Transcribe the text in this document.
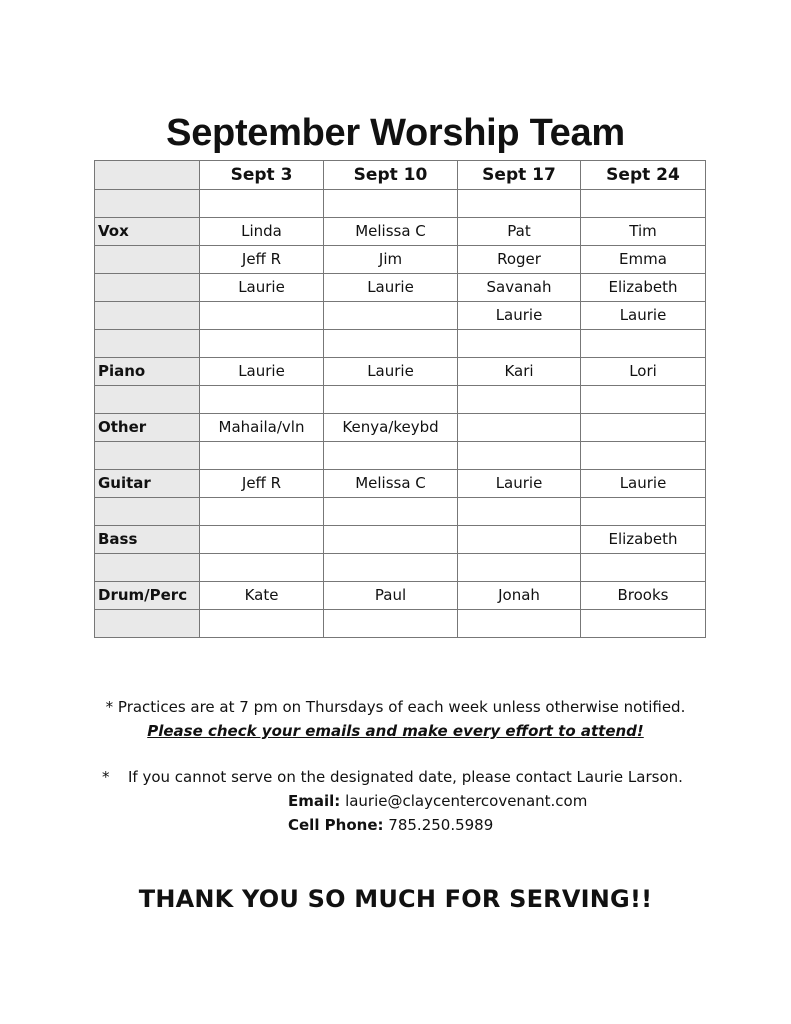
September Worship Team
	Sept 3	Sept 10	Sept 17	Sept 24

Vox	Linda	Melissa C	Pat	Tim
	Jeff R	Jim	Roger	Emma
	Laurie	Laurie	Savanah	Elizabeth
			Laurie	Laurie

Piano	Laurie	Laurie	Kari	Lori

Other	Mahaila/vln	Kenya/keybd		

Guitar	Jeff R	Melissa C	Laurie	Laurie

Bass				Elizabeth

Drum/Perc	Kate	Paul	Jonah	Brooks

* Practices are at 7 pm on Thursdays of each week unless otherwise notified.
Please check your emails and make every effort to attend!
* If you cannot serve on the designated date, please contact Laurie Larson.
Email: laurie@claycentercovenant.com
Cell Phone: 785.250.5989
THANK YOU SO MUCH FOR SERVING!!
